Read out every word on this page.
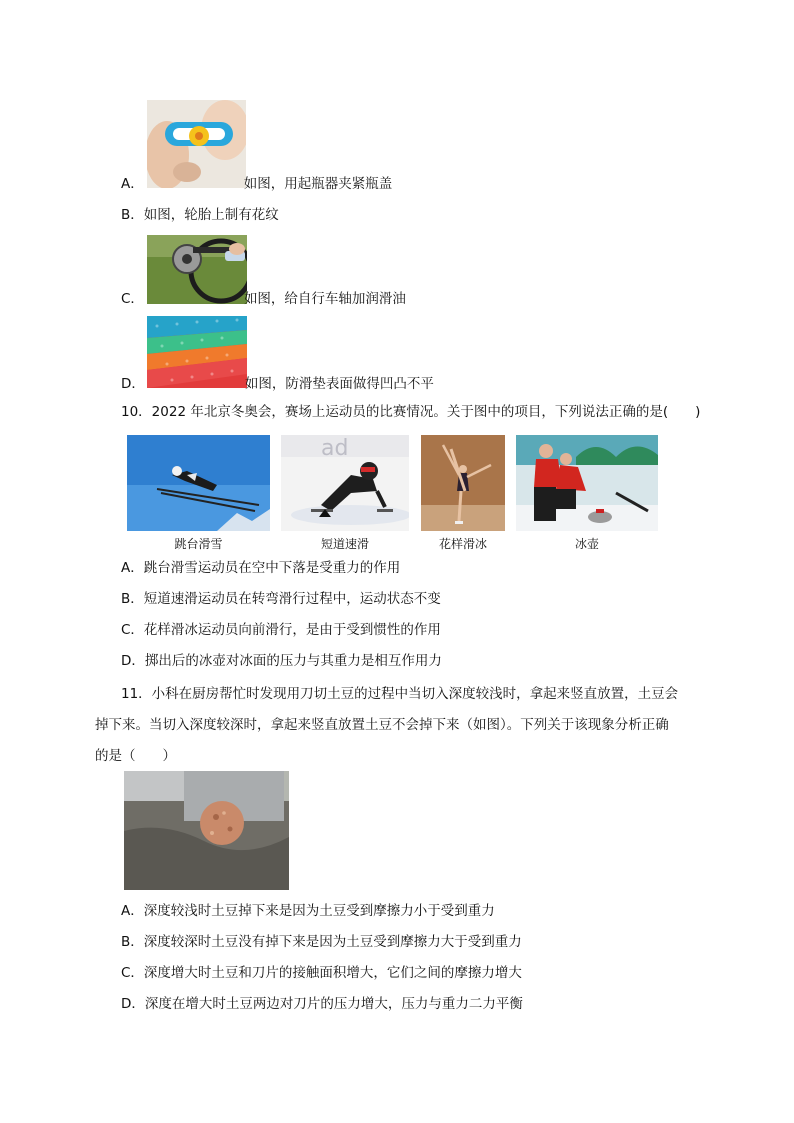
A．	如图，用起瓶器夹紧瓶盖
B．如图，轮胎上制有花纹
C．	如图，给自行车轴加润滑油
D．	如图，防滑垫表面做得凹凸不平
10．2022 年北京冬奥会，赛场上运动员的比赛情况。关于图中的项目，下列说法正确的是(　　)
跳台滑雪
ad
短道速滑	花样滑冰	冰壶
A．跳台滑雪运动员在空中下落是受重力的作用
B．短道速滑运动员在转弯滑行过程中，运动状态不变
C．花样滑冰运动员向前滑行，是由于受到惯性的作用
D．掷出后的冰壶对冰面的压力与其重力是相互作用力
11．小科在厨房帮忙时发现用刀切土豆的过程中当切入深度较浅时，拿起来竖直放置，土豆会
掉下来。当切入深度较深时，拿起来竖直放置土豆不会掉下来（如图）。下列关于该现象分析正确
的是（　　）
A．深度较浅时土豆掉下来是因为土豆受到摩擦力小于受到重力
B．深度较深时土豆没有掉下来是因为土豆受到摩擦力大于受到重力
C．深度增大时土豆和刀片的接触面积增大，它们之间的摩擦力增大
D．深度在增大时土豆两边对刀片的压力增大，压力与重力二力平衡
